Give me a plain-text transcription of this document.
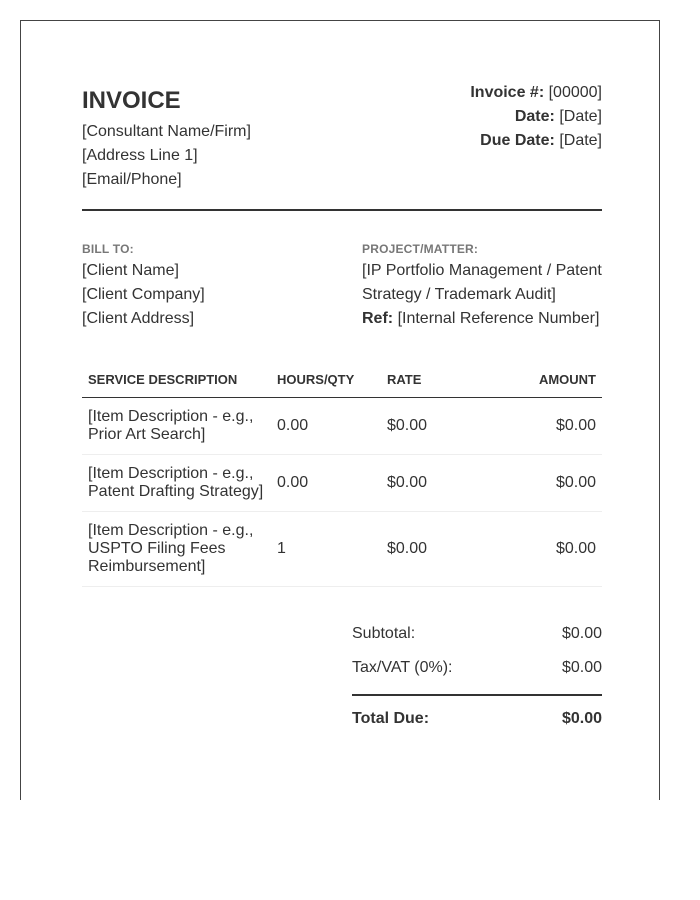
INVOICE
[Consultant Name/Firm]
[Address Line 1]
[Email/Phone]
Invoice #: [00000]
Date: [Date]
Due Date: [Date]
BILL TO:
[Client Name]
[Client Company]
[Client Address]
PROJECT/MATTER:
[IP Portfolio Management / Patent Strategy / Trademark Audit]
Ref: [Internal Reference Number]
SERVICE DESCRIPTION	HOURS/QTY	RATE	AMOUNT
[Item Description - e.g., Prior Art Search]	0.00	$0.00	$0.00
[Item Description - e.g., Patent Drafting Strategy]	0.00	$0.00	$0.00
[Item Description - e.g., USPTO Filing Fees Reimbursement]	1	$0.00	$0.00
Subtotal:	$0.00
Tax/VAT (0%):	$0.00
Total Due:	$0.00
